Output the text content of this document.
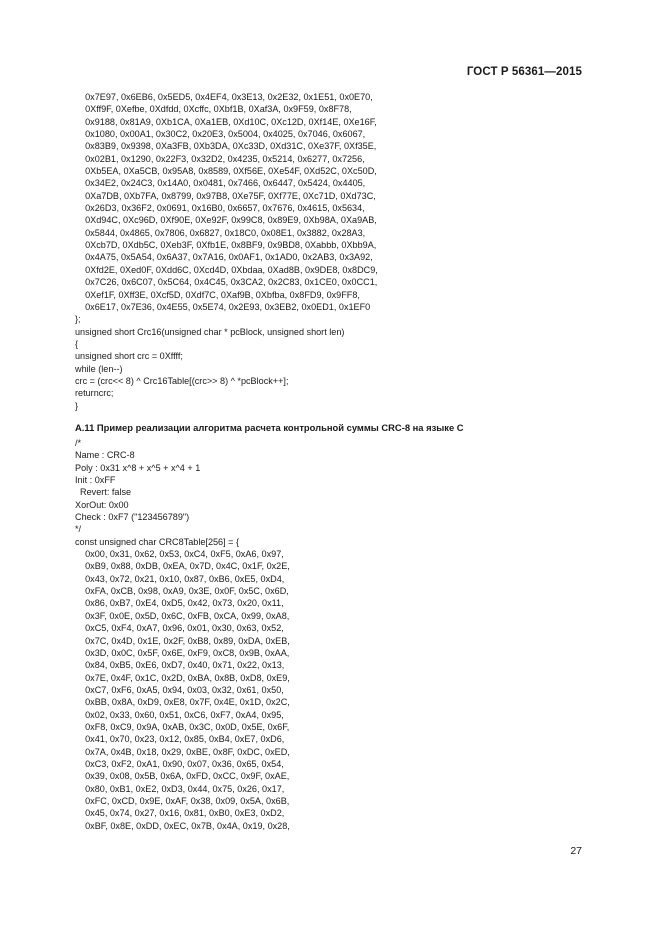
ГОСТ Р 56361—2015
0x7E97, 0x6EB6, 0x5ED5, 0x4EF4, 0x3E13, 0x2E32, 0x1E51, 0x0E70,
0Xff9F, 0Xefbe, 0Xdfdd, 0Xcffc, 0Xbf1B, 0Xaf3A, 0x9F59, 0x8F78,
0x9188, 0x81A9, 0Xb1CA, 0Xa1EB, 0Xd10C, 0Xc12D, 0Xf14E, 0Xe16F,
0x1080, 0x00A1, 0x30C2, 0x20E3, 0x5004, 0x4025, 0x7046, 0x6067,
0x83B9, 0x9398, 0Xa3FB, 0Xb3DA, 0Xc33D, 0Xd31C, 0Xe37F, 0Xf35E,
0x02B1, 0x1290, 0x22F3, 0x32D2, 0x4235, 0x5214, 0x6277, 0x7256,
0Xb5EA, 0Xa5CB, 0x95A8, 0x8589, 0Xf56E, 0Xe54F, 0Xd52C, 0Xc50D,
0x34E2, 0x24C3, 0x14A0, 0x0481, 0x7466, 0x6447, 0x5424, 0x4405,
0Xa7DB, 0Xb7FA, 0x8799, 0x97B8, 0Xe75F, 0Xf77E, 0Xc71D, 0Xd73C,
0x26D3, 0x36F2, 0x0691, 0x16B0, 0x6657, 0x7676, 0x4615, 0x5634,
0Xd94C, 0Xc96D, 0Xf90E, 0Xe92F, 0x99C8, 0x89E9, 0Xb98A, 0Xa9AB,
0x5844, 0x4865, 0x7806, 0x6827, 0x18C0, 0x08E1, 0x3882, 0x28A3,
0Xcb7D, 0Xdb5C, 0Xeb3F, 0Xfb1E, 0x8BF9, 0x9BD8, 0Xabbb, 0Xbb9A,
0x4A75, 0x5A54, 0x6A37, 0x7A16, 0x0AF1, 0x1AD0, 0x2AB3, 0x3A92,
0Xfd2E, 0Xed0F, 0Xdd6C, 0Xcd4D, 0Xbdaa, 0Xad8B, 0x9DE8, 0x8DC9,
0x7C26, 0x6C07, 0x5C64, 0x4C45, 0x3CA2, 0x2C83, 0x1CE0, 0x0CC1,
0Xef1F, 0Xff3E, 0Xcf5D, 0Xdf7C, 0Xaf9B, 0Xbfba, 0x8FD9, 0x9FF8,
0x6E17, 0x7E36, 0x4E55, 0x5E74, 0x2E93, 0x3EB2, 0x0ED1, 0x1EF0
};
unsigned short Crc16(unsigned char * pcBlock, unsigned short len)
{
unsigned short crc = 0Xffff;
while (len--)
crc = (crc<< 8) ^ Crc16Table[(crc>> 8) ^ *pcBlock++];
returncrc;
}
А.11 Пример реализации алгоритма расчета контрольной суммы CRC-8 на языке С
/*
Name : CRC-8
Poly : 0x31 x^8 + x^5 + x^4 + 1
Init : 0xFF
Revert: false
XorOut: 0x00
Check : 0xF7 ("123456789")
*/
const unsigned char CRC8Table[256] = {
0x00, 0x31, 0x62, 0x53, 0xC4, 0xF5, 0xA6, 0x97,
0xB9, 0x88, 0xDB, 0xEA, 0x7D, 0x4C, 0x1F, 0x2E,
0x43, 0x72, 0x21, 0x10, 0x87, 0xB6, 0xE5, 0xD4,
0xFA, 0xCB, 0x98, 0xA9, 0x3E, 0x0F, 0x5C, 0x6D,
0x86, 0xB7, 0xE4, 0xD5, 0x42, 0x73, 0x20, 0x11,
0x3F, 0x0E, 0x5D, 0x6C, 0xFB, 0xCA, 0x99, 0xA8,
0xC5, 0xF4, 0xA7, 0x96, 0x01, 0x30, 0x63, 0x52,
0x7C, 0x4D, 0x1E, 0x2F, 0xB8, 0x89, 0xDA, 0xEB,
0x3D, 0x0C, 0x5F, 0x6E, 0xF9, 0xC8, 0x9B, 0xAA,
0x84, 0xB5, 0xE6, 0xD7, 0x40, 0x71, 0x22, 0x13,
0x7E, 0x4F, 0x1C, 0x2D, 0xBA, 0x8B, 0xD8, 0xE9,
0xC7, 0xF6, 0xA5, 0x94, 0x03, 0x32, 0x61, 0x50,
0xBB, 0x8A, 0xD9, 0xE8, 0x7F, 0x4E, 0x1D, 0x2C,
0x02, 0x33, 0x60, 0x51, 0xC6, 0xF7, 0xA4, 0x95,
0xF8, 0xC9, 0x9A, 0xAB, 0x3C, 0x0D, 0x5E, 0x6F,
0x41, 0x70, 0x23, 0x12, 0x85, 0xB4, 0xE7, 0xD6,
0x7A, 0x4B, 0x18, 0x29, 0xBE, 0x8F, 0xDC, 0xED,
0xC3, 0xF2, 0xA1, 0x90, 0x07, 0x36, 0x65, 0x54,
0x39, 0x08, 0x5B, 0x6A, 0xFD, 0xCC, 0x9F, 0xAE,
0x80, 0xB1, 0xE2, 0xD3, 0x44, 0x75, 0x26, 0x17,
0xFC, 0xCD, 0x9E, 0xAF, 0x38, 0x09, 0x5A, 0x6B,
0x45, 0x74, 0x27, 0x16, 0x81, 0xB0, 0xE3, 0xD2,
0xBF, 0x8E, 0xDD, 0xEC, 0x7B, 0x4A, 0x19, 0x28,
27
